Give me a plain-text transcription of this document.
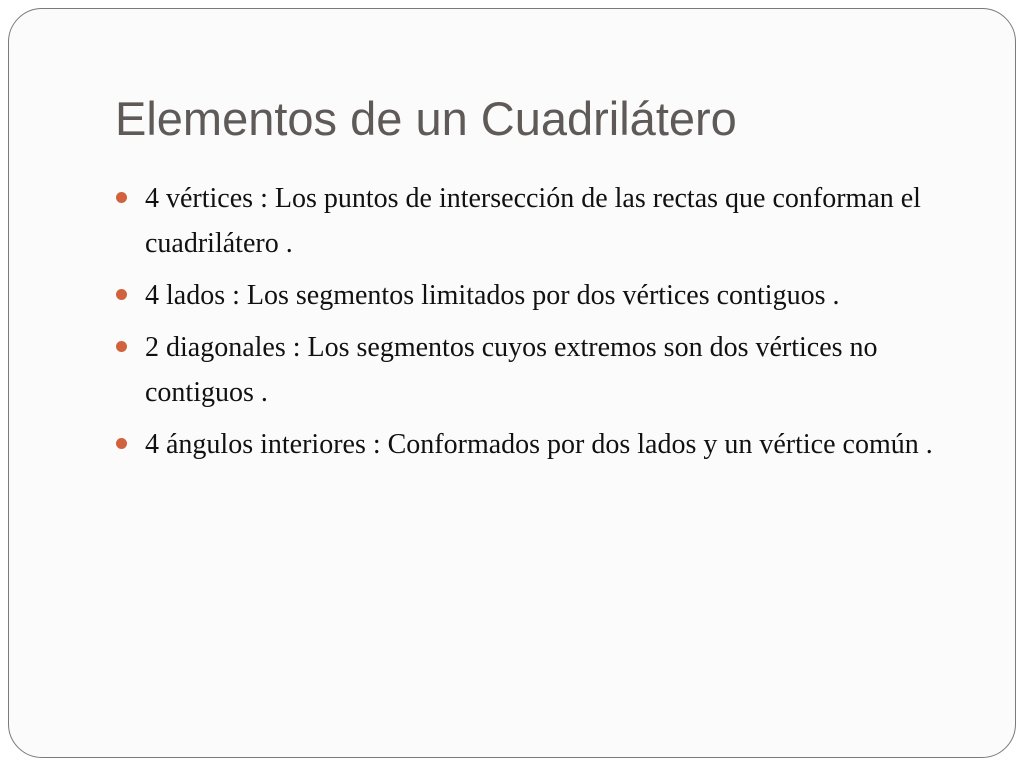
Elementos de un Cuadrilátero
4 vértices : Los puntos de intersección de las rectas que conforman el cuadrilátero .
4 lados : Los segmentos limitados por dos vértices contiguos .
2 diagonales : Los segmentos cuyos extremos son dos vértices no contiguos .
4 ángulos interiores : Conformados por dos lados y un vértice común .
